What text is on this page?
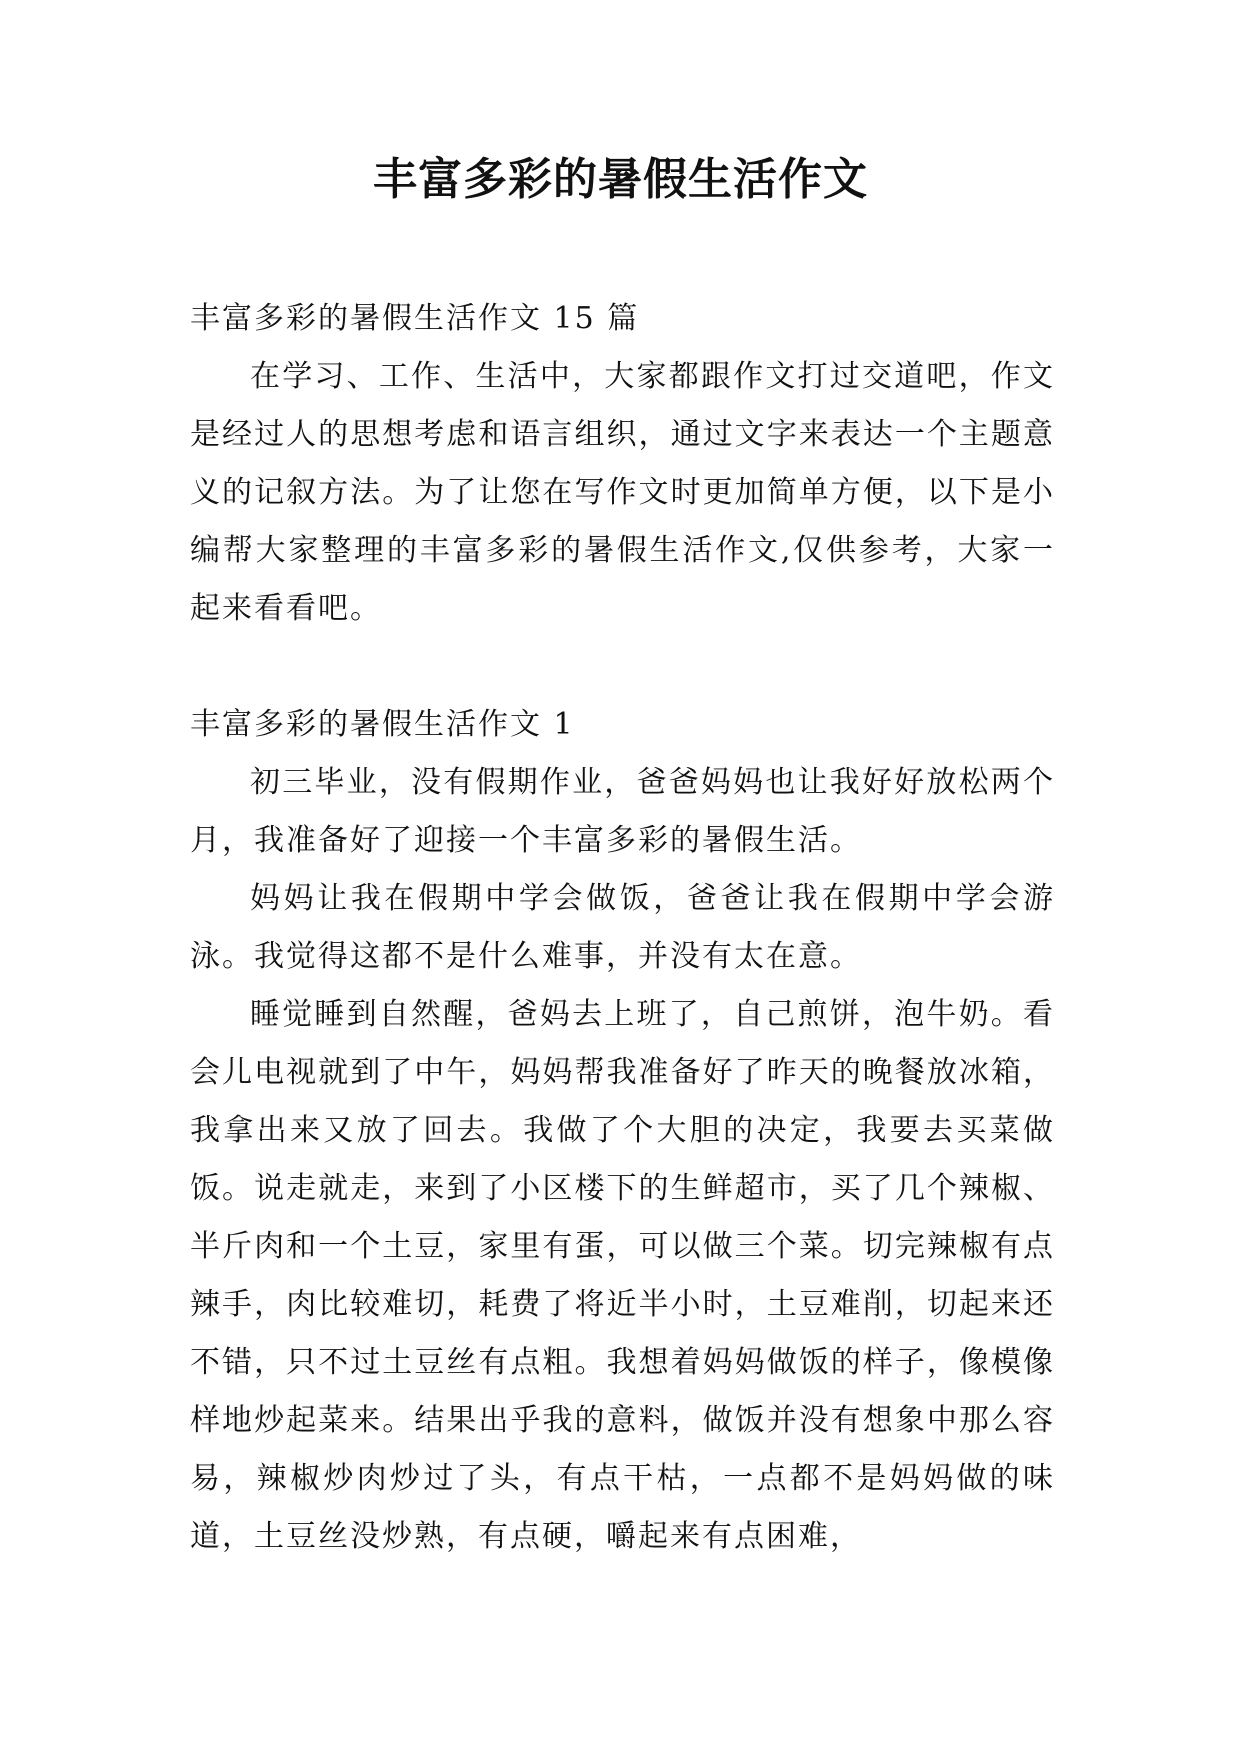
丰富多彩的暑假生活作文

丰富多彩的暑假生活作文 15 篇

在学习、工作、生活中，大家都跟作文打过交道吧，作文是经过人的思想考虑和语言组织，通过文字来表达一个主题意义的记叙方法。为了让您在写作文时更加简单方便，以下是小编帮大家整理的丰富多彩的暑假生活作文,仅供参考，大家一起来看看吧。

丰富多彩的暑假生活作文 1

初三毕业，没有假期作业，爸爸妈妈也让我好好放松两个月，我准备好了迎接一个丰富多彩的暑假生活。

妈妈让我在假期中学会做饭，爸爸让我在假期中学会游泳。我觉得这都不是什么难事，并没有太在意。

睡觉睡到自然醒，爸妈去上班了，自己煎饼，泡牛奶。看会儿电视就到了中午，妈妈帮我准备好了昨天的晚餐放冰箱，我拿出来又放了回去。我做了个大胆的决定，我要去买菜做饭。说走就走，来到了小区楼下的生鲜超市，买了几个辣椒、半斤肉和一个土豆，家里有蛋，可以做三个菜。切完辣椒有点辣手，肉比较难切，耗费了将近半小时，土豆难削，切起来还不错，只不过土豆丝有点粗。我想着妈妈做饭的样子，像模像样地炒起菜来。结果出乎我的意料，做饭并没有想象中那么容易，辣椒炒肉炒过了头，有点干枯，一点都不是妈妈做的味道，土豆丝没炒熟，有点硬，嚼起来有点困难，
